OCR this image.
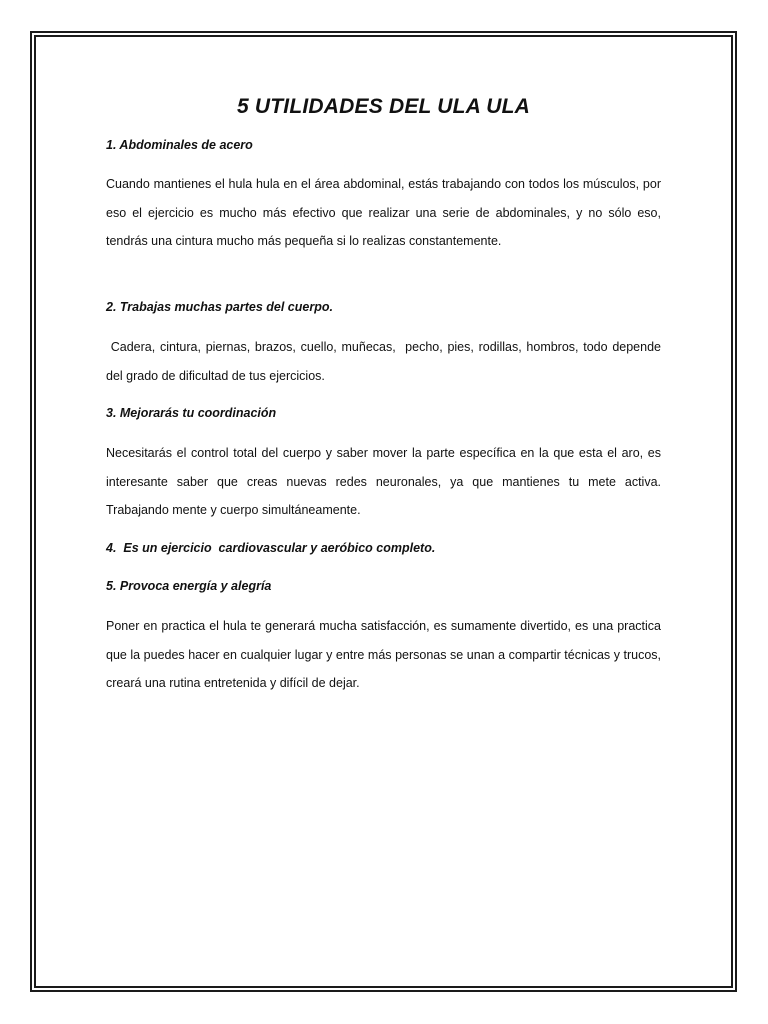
5 UTILIDADES DEL ULA ULA
1. Abdominales de acero
Cuando mantienes el hula hula en el área abdominal, estás trabajando con todos los músculos, por eso el ejercicio es mucho más efectivo que realizar una serie de abdominales, y no sólo eso, tendrás una cintura mucho más pequeña si lo realizas constantemente.
2. Trabajas muchas partes del cuerpo.
Cadera, cintura, piernas, brazos, cuello, muñecas,  pecho, pies, rodillas, hombros, todo depende del grado de dificultad de tus ejercicios.
3. Mejorarás tu coordinación
Necesitarás el control total del cuerpo y saber mover la parte específica en la que esta el aro, es interesante saber que creas nuevas redes neuronales, ya que mantienes tu mete activa. Trabajando mente y cuerpo simultáneamente.
4.  Es un ejercicio  cardiovascular y aeróbico completo.
5. Provoca energía y alegría
Poner en practica el hula te generará mucha satisfacción, es sumamente divertido, es una practica que la puedes hacer en cualquier lugar y entre más personas se unan a compartir técnicas y trucos, creará una rutina entretenida y difícil de dejar.
